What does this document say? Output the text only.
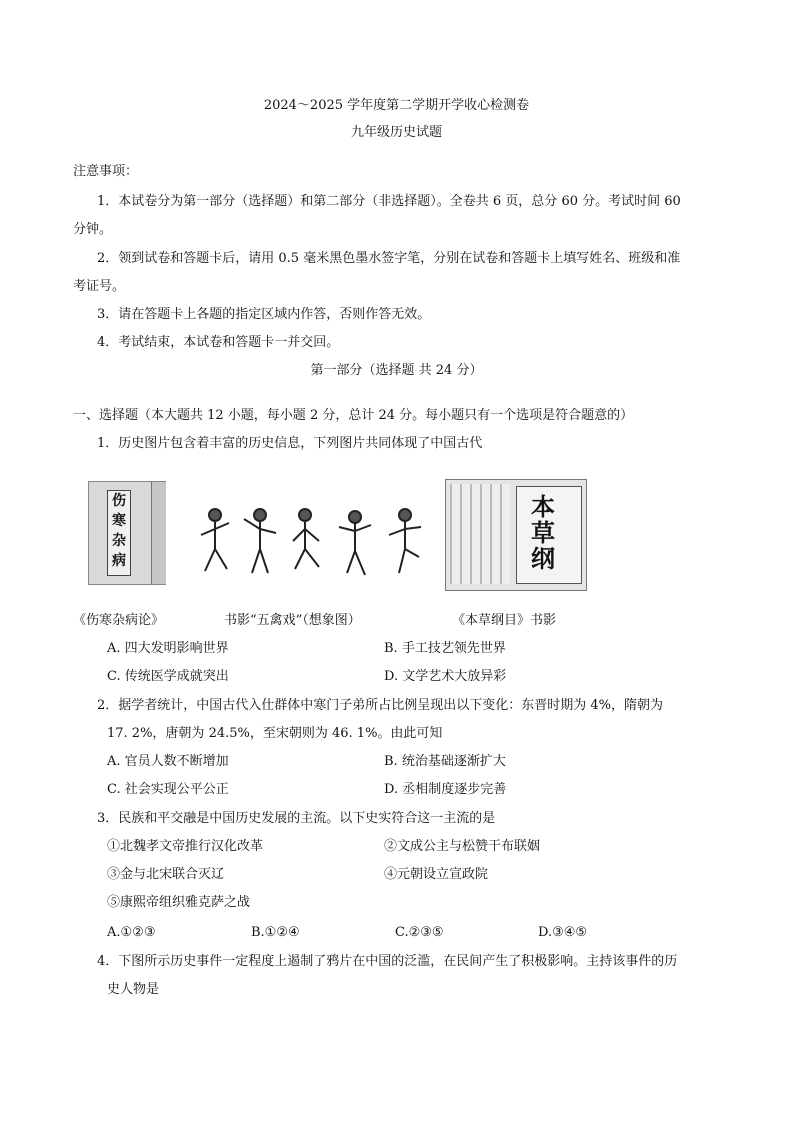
2024～2025 学年度第二学期开学收心检测卷
九年级历史试题
注意事项：
1．本试卷分为第一部分（选择题）和第二部分（非选择题）。全卷共 6 页，总分 60 分。考试时间 60
分钟。
2．领到试卷和答题卡后，请用 0.5 毫米黑色墨水签字笔，分别在试卷和答题卡上填写姓名、班级和准
考证号。
3．请在答题卡上各题的指定区域内作答，否则作答无效。
4．考试结束，本试卷和答题卡一并交回。
第一部分（选择题 共 24 分）
一、选择题（本大题共 12 小题，每小题 2 分，总计 24 分。每小题只有一个选项是符合题意的）
1．历史图片包含着丰富的历史信息，下列图片共同体现了中国古代
伤
寒
杂
病
本
草
纲
《伤寒杂病论》	书影“五禽戏”（想象图）	《本草纲目》书影
A. 四大发明影响世界	B. 手工技艺领先世界
C. 传统医学成就突出	D. 文学艺术大放异彩
2．据学者统计，中国古代入仕群体中寒门子弟所占比例呈现出以下变化：东晋时期为 4%，隋朝为
17. 2%，唐朝为 24.5%，至宋朝则为 46. 1%。由此可知
A. 官员人数不断增加	B. 统治基础逐渐扩大
C. 社会实现公平公正	D. 丞相制度逐步完善
3．民族和平交融是中国历史发展的主流。以下史实符合这一主流的是
①北魏孝文帝推行汉化改革	②文成公主与松赞干布联姻
③金与北宋联合灭辽	④元朝设立宣政院
⑤康熙帝组织雅克萨之战
A.①②③	B.①②④	C.②③⑤	D.③④⑤
4．下图所示历史事件一定程度上遏制了鸦片在中国的泛滥，在民间产生了积极影响。主持该事件的历
史人物是
